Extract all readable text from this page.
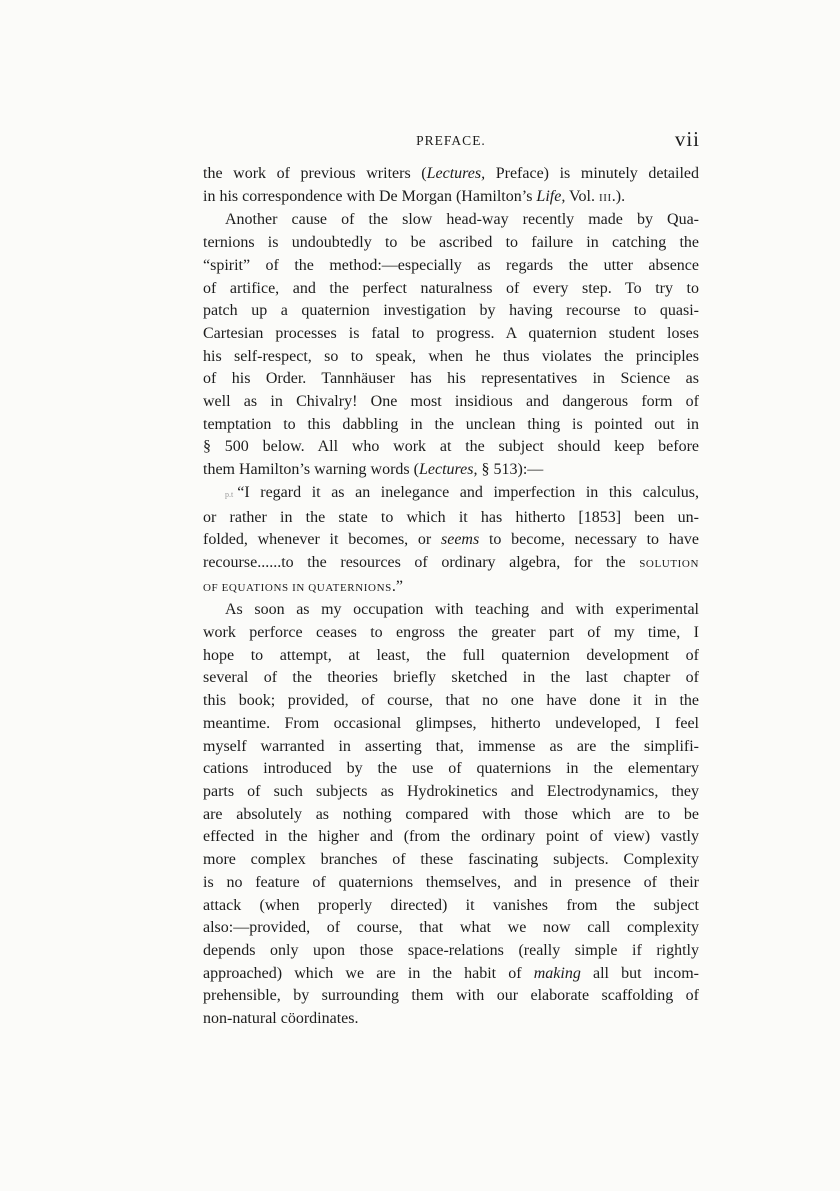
PREFACE.	vii

the work of previous writers (Lectures, Preface) is minutely detailed

in his correspondence with De Morgan (Hamilton’s Life, Vol. III.).

Another cause of the slow head-way recently made by Qua-

ternions is undoubtedly to be ascribed to failure in catching the

“spirit” of the method:—especially as regards the utter absence

of artifice, and the perfect naturalness of every step. To try to

patch up a quaternion investigation by having recourse to quasi-

Cartesian processes is fatal to progress. A quaternion student loses

his self-respect, so to speak, when he thus violates the principles

of his Order. Tannhäuser has his representatives in Science as

well as in Chivalry! One most insidious and dangerous form of

temptation to this dabbling in the unclean thing is pointed out in

§ 500 below. All who work at the subject should keep before

them Hamilton’s warning words (Lectures, § 513):—

p.t “I regard it as an inelegance and imperfection in this calculus,

or rather in the state to which it has hitherto [1853] been un-

folded, whenever it becomes, or seems to become, necessary to have

recourse......to the resources of ordinary algebra, for the SOLUTION

OF EQUATIONS IN QUATERNIONS.”

As soon as my occupation with teaching and with experimental

work perforce ceases to engross the greater part of my time, I

hope to attempt, at least, the full quaternion development of

several of the theories briefly sketched in the last chapter of

this book; provided, of course, that no one have done it in the

meantime. From occasional glimpses, hitherto undeveloped, I feel

myself warranted in asserting that, immense as are the simplifi-

cations introduced by the use of quaternions in the elementary

parts of such subjects as Hydrokinetics and Electrodynamics, they

are absolutely as nothing compared with those which are to be

effected in the higher and (from the ordinary point of view) vastly

more complex branches of these fascinating subjects. Complexity

is no feature of quaternions themselves, and in presence of their

attack (when properly directed) it vanishes from the subject

also:—provided, of course, that what we now call complexity

depends only upon those space-relations (really simple if rightly

approached) which we are in the habit of making all but incom-

prehensible, by surrounding them with our elaborate scaffolding of

non-natural cöordinates.
